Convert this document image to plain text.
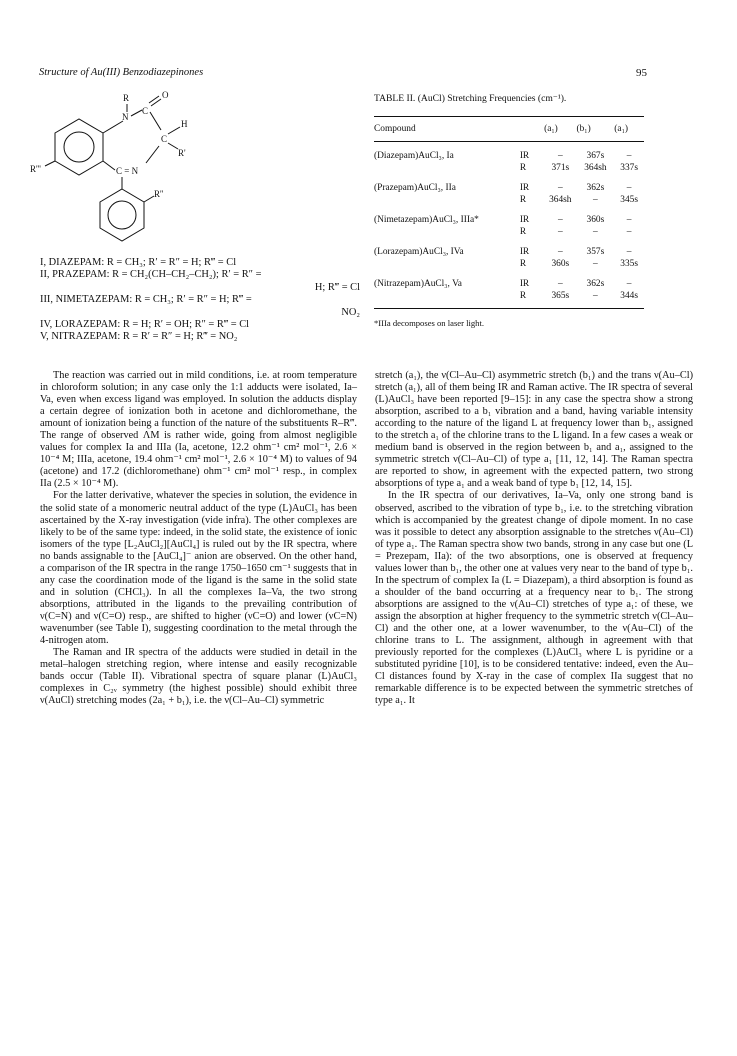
Structure of Au(III) Benzodiazepinones	95
R
N
C
O
C
H
R'
R'''	C = N
R''
I, DIAZEPAM: R = CH₃; R′ = R″ = H; R‴ = Cl
II, PRAZEPAM: R = CH₂(CH–CH₂–CH₂); R′ = R″ =
H; R‴ = Cl
III, NIMETAZEPAM: R = CH₃; R′ = R″ = H; R‴ =
NO₂
IV, LORAZEPAM: R = H; R′ = OH; R″ = R‴ = Cl
V, NITRAZEPAM: R = R′ = R″ = H; R‴ = NO₂

The reaction was carried out in mild conditions, i.e. at room temperature in chloroform solution; in any case only the 1:1 adducts were isolated, Ia–Va, even when excess ligand was employed. In solution the adducts display a certain degree of ionization both in acetone and dichloromethane, the amount of ionization being a function of the nature of the substituents R–R‴. The range of observed ΛM is rather wide, going from almost negligible values for complex Ia and IIIa (Ia, acetone, 12.2 ohm⁻¹ cm² mol⁻¹, 2.6 × 10⁻⁴ M; IIIa, acetone, 19.4 ohm⁻¹ cm² mol⁻¹, 2.6 × 10⁻⁴ M) to values of 94 (acetone) and 17.2 (dichloromethane) ohm⁻¹ cm² mol⁻¹ resp., in complex IIa (2.5 × 10⁻⁴ M).

For the latter derivative, whatever the species in solution, the evidence in the solid state of a monomeric neutral adduct of the type (L)AuCl₃ has been ascertained by the X-ray investigation (vide infra). The other complexes are likely to be of the same type: indeed, in the solid state, the existence of ionic isomers of the type [L₂AuCl₂][AuCl₄] is ruled out by the IR spectra, where no bands assignable to the [AuCl₄]⁻ anion are observed. On the other hand, a comparison of the IR spectra in the range 1750–1650 cm⁻¹ suggests that in any case the coordination mode of the ligand is the same in the solid state and in solution (CHCl₃). In all the complexes Ia–Va, the two strong absorptions, attributed in the ligands to the prevailing contribution of ν(C=N) and ν(C=O) resp., are shifted to higher (νC=O) and lower (νC=N) wavenumber (see Table I), suggesting coordination to the metal through the 4-nitrogen atom.

The Raman and IR spectra of the adducts were studied in detail in the metal–halogen stretching region, where intense and easily recognizable bands occur (Table II). Vibrational spectra of square planar (L)AuCl₃ complexes in C₂ᵥ symmetry (the highest possible) should exhibit three ν(AuCl) stretching modes (2a₁ + b₁), i.e. the ν(Cl–Au–Cl) symmetric

TABLE II. (AuCl) Stretching Frequencies (cm⁻¹).
Compound		(a₁)	(b₁)	(a₁)
(Diazepam)AuCl₃, Ia	IR	–	367s	–
	R	371s	364sh	337s
(Prazepam)AuCl₃, IIa	IR	–	362s	–
	R	364sh	–	345s
(Nimetazepam)AuCl₃, IIIa*	IR	–	360s	–
	R	–	–	–
(Lorazepam)AuCl₃, IVa	IR	–	357s	–
	R	360s	–	335s
(Nitrazepam)AuCl₃, Va	IR	–	362s	–
	R	365s	–	344s
*IIIa decomposes on laser light.

stretch (a₁), the ν(Cl–Au–Cl) asymmetric stretch (b₁) and the trans ν(Au–Cl) stretch (a₁), all of them being IR and Raman active. The IR spectra of several (L)AuCl₃ have been reported [9–15]: in any case the spectra show a strong absorption, ascribed to a b₁ vibration and a band, having variable intensity according to the nature of the ligand L at frequency lower than b₁, assigned to the stretch a₁ of the chlorine trans to the L ligand. In a few cases a weak or medium band is observed in the region between b₁ and a₁, assigned to the symmetric stretch ν(Cl–Au–Cl) of type a₁ [11, 12, 14]. The Raman spectra are reported to show, in agreement with the expected pattern, two strong absorptions of type a₁ and a weak band of type b₁ [12, 14, 15].

In the IR spectra of our derivatives, Ia–Va, only one strong band is observed, ascribed to the vibration of type b₁, i.e. to the stretching vibration which is accompanied by the greatest change of dipole moment. In no case was it possible to detect any absorption assignable to the stretches ν(Au–Cl) of type a₁. The Raman spectra show two bands, strong in any case but one (L = Prezepam, IIa): of the two absorptions, one is observed at frequency values lower than b₁, the other one at values very near to the band of type b₁. In the spectrum of complex Ia (L = Diazepam), a third absorption is found as a shoulder of the band occurring at a frequency near to b₁. The strong absorptions are assigned to the ν(Au–Cl) stretches of type a₁: of these, we assign the absorption at higher frequency to the symmetric stretch ν(Cl–Au–Cl) and the other one, at a lower wavenumber, to the ν(Au–Cl) of the chlorine trans to L. The assignment, although in agreement with that previously reported for the complexes (L)AuCl₃ where L is pyridine or a substituted pyridine [10], is to be considered tentative: indeed, even the Au–Cl distances found by X-ray in the case of complex IIa suggest that no remarkable difference is to be expected between the symmetric stretches of type a₁. It
